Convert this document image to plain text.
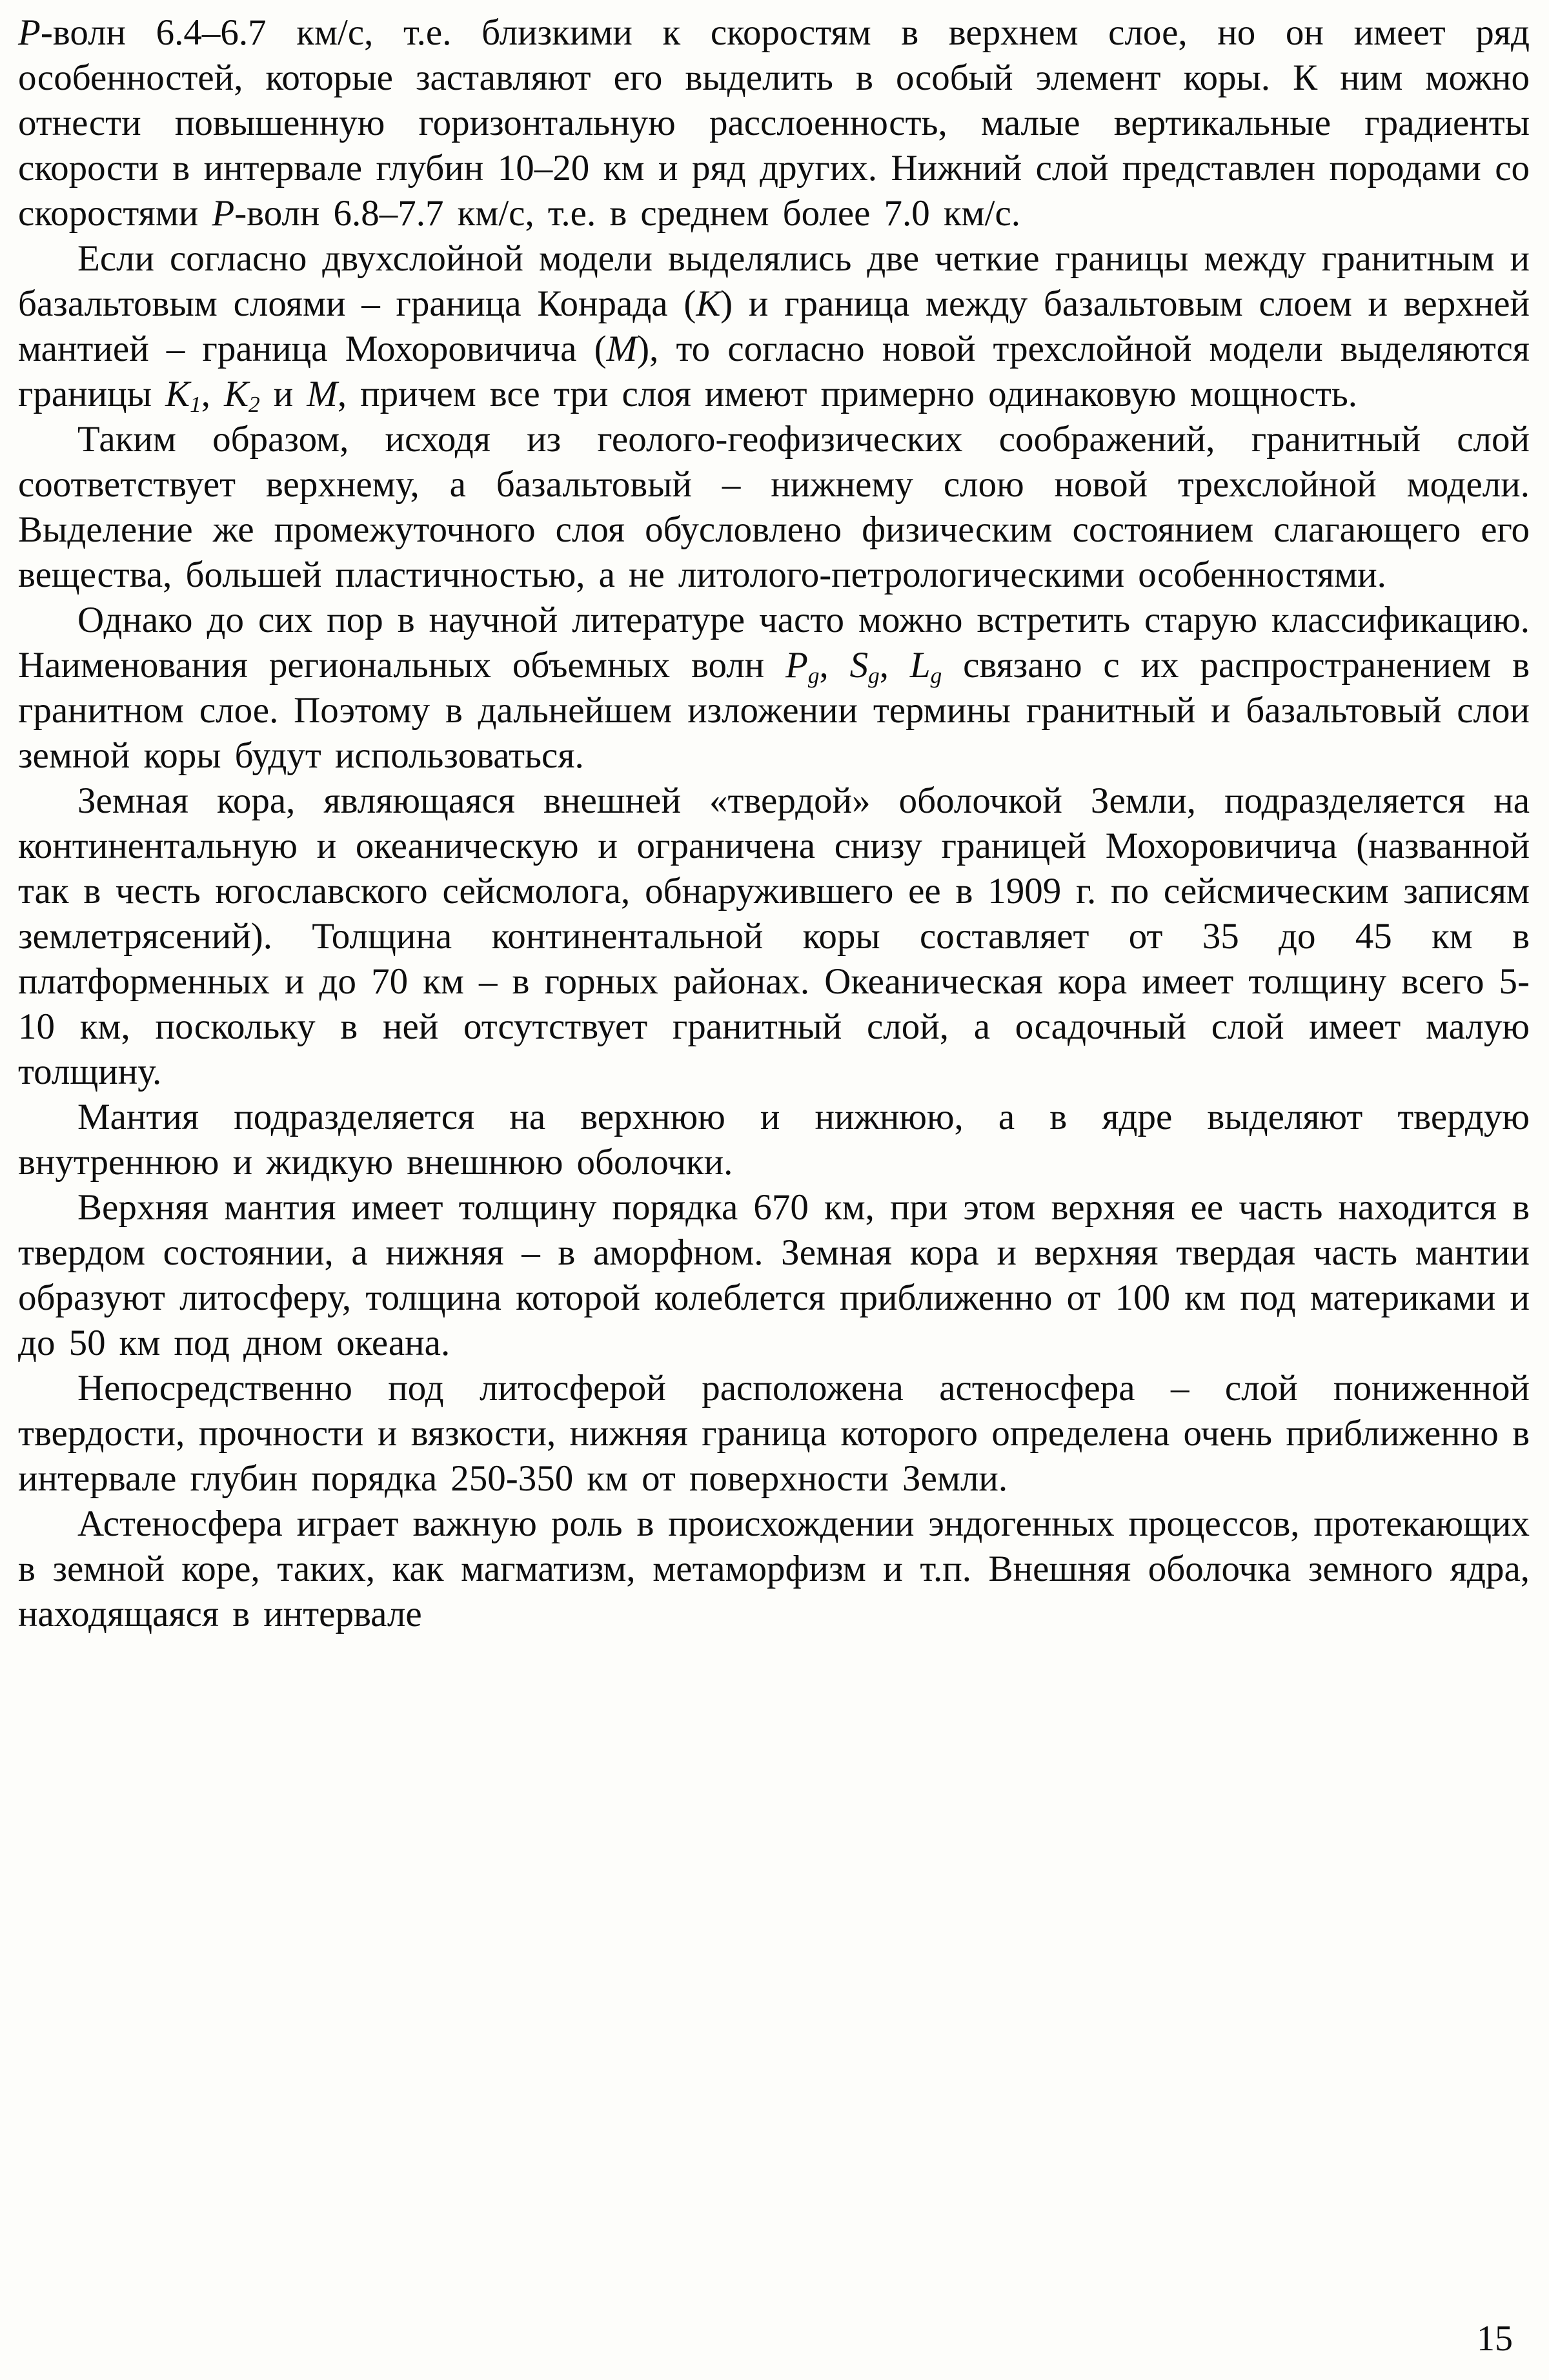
P-волн 6.4–6.7 км/с, т.е. близкими к скоростям в верхнем слое, но он имеет ряд особенностей, которые заставляют его выделить в особый элемент коры. К ним можно отнести повышенную горизонтальную расслоенность, малые вертикальные градиенты скорости в интервале глубин 10–20 км и ряд других. Нижний слой представлен породами со скоростями P-волн 6.8–7.7 км/с, т.е. в среднем более 7.0 км/с.

Если согласно двухслойной модели выделялись две четкие границы между гранитным и базальтовым слоями – граница Конрада (К) и граница между базальтовым слоем и верхней мантией – граница Мохоровичича (М), то согласно новой трехслойной модели выделяются границы $K_1$, $К_2$ и М, причем все три слоя имеют примерно одинаковую мощность.

Таким образом, исходя из геолого-геофизических соображений, гранитный слой соответствует верхнему, а базальтовый – нижнему слою новой трехслойной модели. Выделение же промежуточного слоя обусловлено физическим состоянием слагающего его вещества, большей пластичностью, а не литолого-петрологическими особенностями.

Однако до сих пор в научной литературе часто можно встретить старую классификацию. Наименования региональных объемных волн $P_g$, $S_g$, $L_g$ связано с их распространением в гранитном слое. Поэтому в дальнейшем изложении термины гранитный и базальтовый слои земной коры будут использоваться.

Земная кора, являющаяся внешней «твердой» оболочкой Земли, подразделяется на континентальную и океаническую и ограничена снизу границей Мохоровичича (названной так в честь югославского сейсмолога, обнаружившего ее в 1909 г. по сейсмическим записям землетрясений). Толщина континентальной коры составляет от 35 до 45 км в платформенных и до 70 км – в горных районах. Океаническая кора имеет толщину всего 5-10 км, поскольку в ней отсутствует гранитный слой, а осадочный слой имеет малую толщину.

Мантия подразделяется на верхнюю и нижнюю, а в ядре выделяют твердую внутреннюю и жидкую внешнюю оболочки.

Верхняя мантия имеет толщину порядка 670 км, при этом верхняя ее часть находится в твердом состоянии, а нижняя – в аморфном. Земная кора и верхняя твердая часть мантии образуют литосферу, толщина которой колеблется приближенно от 100 км под материками и до 50 км под дном океана.

Непосредственно под литосферой расположена астеносфера – слой пониженной твердости, прочности и вязкости, нижняя граница которого определена очень приближенно в интервале глубин порядка 250-350 км от поверхности Земли.

Астеносфера играет важную роль в происхождении эндогенных процессов, протекающих в земной коре, таких, как магматизм, метаморфизм и т.п. Внешняя оболочка земного ядра, находящаяся в интервале

15
